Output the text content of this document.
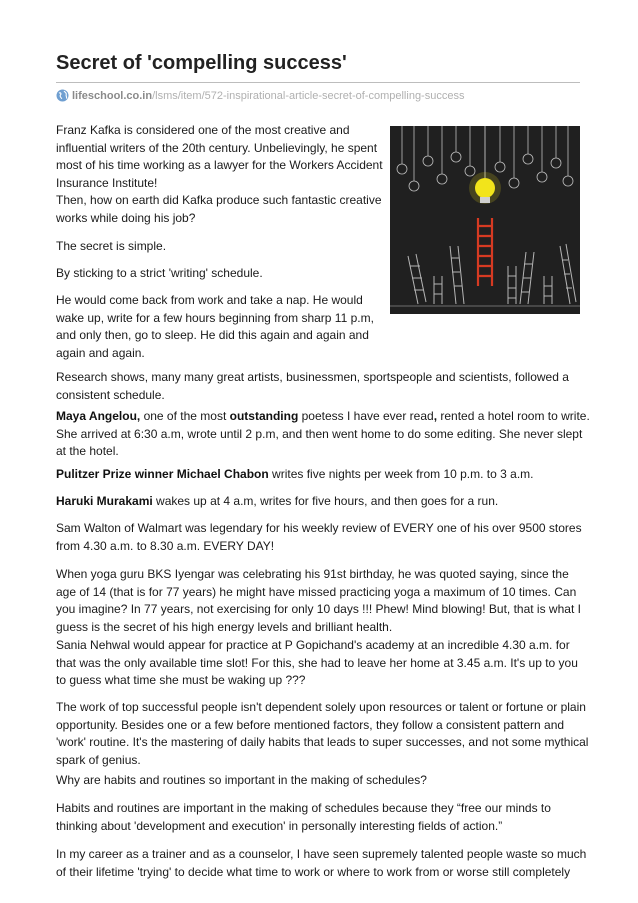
Secret of 'compelling success'
lifeschool.co.in/lsms/item/572-inspirational-article-secret-of-compelling-success

Franz Kafka is considered one of the most creative and influential writers of the 20th century. Unbelievingly, he spent most of his time working as a lawyer for the Workers Accident Insurance Institute!

Then, how on earth did Kafka produce such fantastic creative works while doing his job?

The secret is simple.

By sticking to a strict 'writing' schedule.

He would come back from work and take a nap. He would wake up, write for a few hours beginning from sharp 11 p.m, and only then, go to sleep. He did this again and again and again and again.

Research shows, many many great artists, businessmen, sportspeople and scientists, followed a consistent schedule.

Maya Angelou, one of the most outstanding poetess I have ever read, rented a hotel room to write. She arrived at 6:30 a.m, wrote until 2 p.m, and then went home to do some editing. She never slept at the hotel.

Pulitzer Prize winner Michael Chabon writes five nights per week from 10 p.m. to 3 a.m.

Haruki Murakami wakes up at 4 a.m, writes for five hours, and then goes for a run.

Sam Walton of Walmart was legendary for his weekly review of EVERY one of his over 9500 stores from 4.30 a.m. to 8.30 a.m. EVERY DAY!

When yoga guru BKS Iyengar was celebrating his 91st birthday, he was quoted saying, since the age of 14 (that is for 77 years) he might have missed practicing yoga a maximum of 10 times. Can you imagine? In 77 years, not exercising for only 10 days !!! Phew! Mind blowing! But, that is what I guess is the secret of his high energy levels and brilliant health.

Sania Nehwal would appear for practice at P Gopichand's academy at an incredible 4.30 a.m. for that was the only available time slot! For this, she had to leave her home at 3.45 a.m. It's up to you to guess what time she must be waking up ???

The work of top successful people isn't dependent solely upon resources or talent or fortune or plain opportunity. Besides one or a few before mentioned factors, they follow a consistent pattern and 'work' routine. It's the mastering of daily habits that leads to super successes, and not some mythical spark of genius.

Why are habits and routines so important in the making of schedules?

Habits and routines are important in the making of schedules because they “free our minds to thinking about 'development and execution' in personally interesting fields of action.”

In my career as a trainer and as a counselor, I have seen supremely talented people waste so much of their lifetime 'trying' to decide what time to work or where to work from or worse still completely
